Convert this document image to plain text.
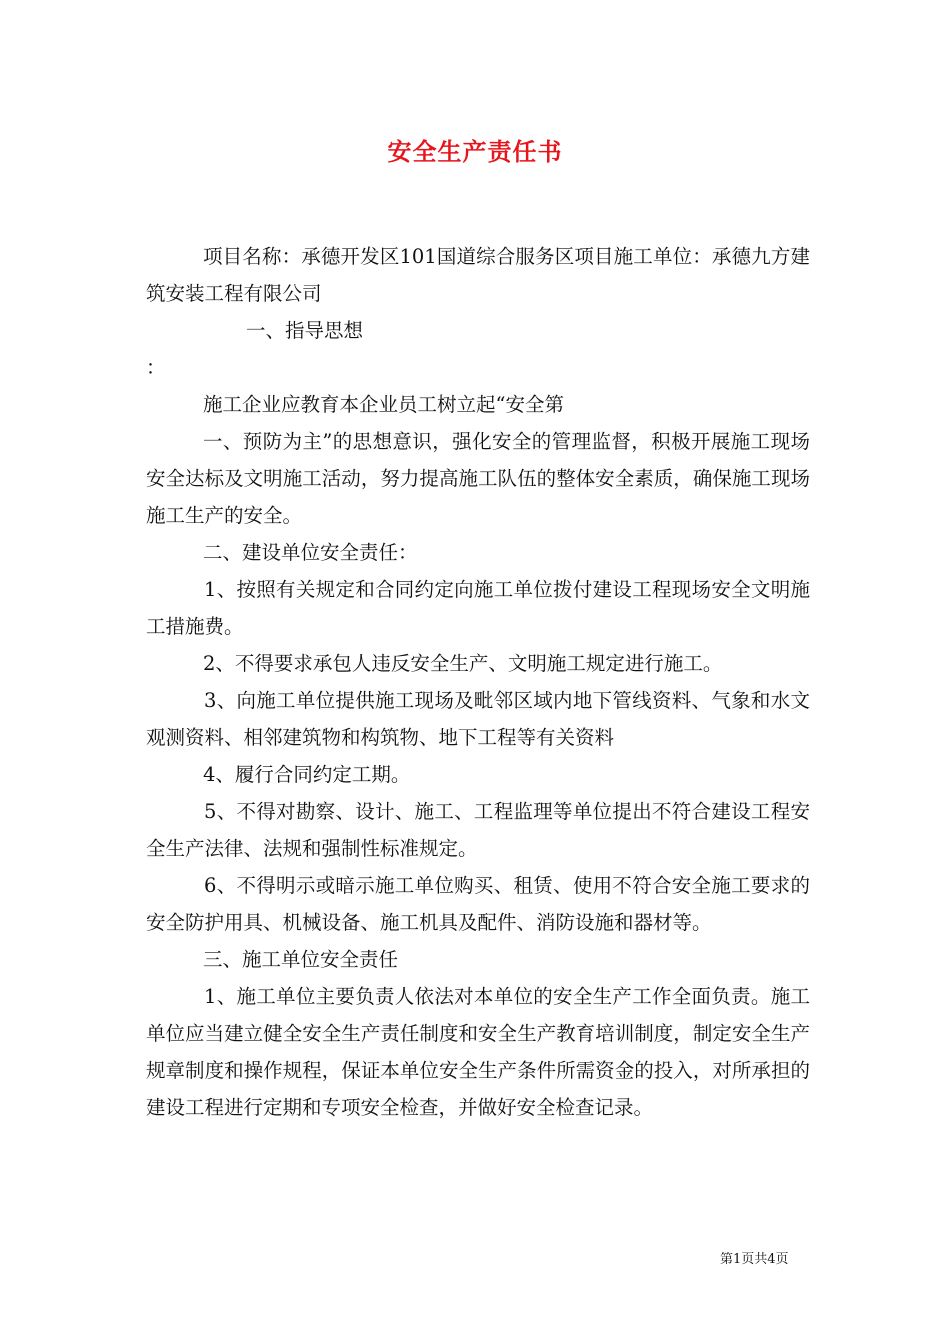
安全生产责任书

项目名称：承德开发区101国道综合服务区项目施工单位：承德九方建筑安装工程有限公司

一、指导思想

：

施工企业应教育本企业员工树立起“安全第

一、预防为主”的思想意识，强化安全的管理监督，积极开展施工现场安全达标及文明施工活动，努力提高施工队伍的整体安全素质，确保施工现场施工生产的安全。

二、建设单位安全责任：

1、按照有关规定和合同约定向施工单位拨付建设工程现场安全文明施工措施费。

2、不得要求承包人违反安全生产、文明施工规定进行施工。

3、向施工单位提供施工现场及毗邻区域内地下管线资料、气象和水文观测资料、相邻建筑物和构筑物、地下工程等有关资料

4、履行合同约定工期。

5、不得对勘察、设计、施工、工程监理等单位提出不符合建设工程安全生产法律、法规和强制性标准规定。

6、不得明示或暗示施工单位购买、租赁、使用不符合安全施工要求的安全防护用具、机械设备、施工机具及配件、消防设施和器材等。

三、施工单位安全责任

1、施工单位主要负责人依法对本单位的安全生产工作全面负责。施工单位应当建立健全安全生产责任制度和安全生产教育培训制度，制定安全生产规章制度和操作规程，保证本单位安全生产条件所需资金的投入，对所承担的建设工程进行定期和专项安全检查，并做好安全检查记录。

第1页共4页
